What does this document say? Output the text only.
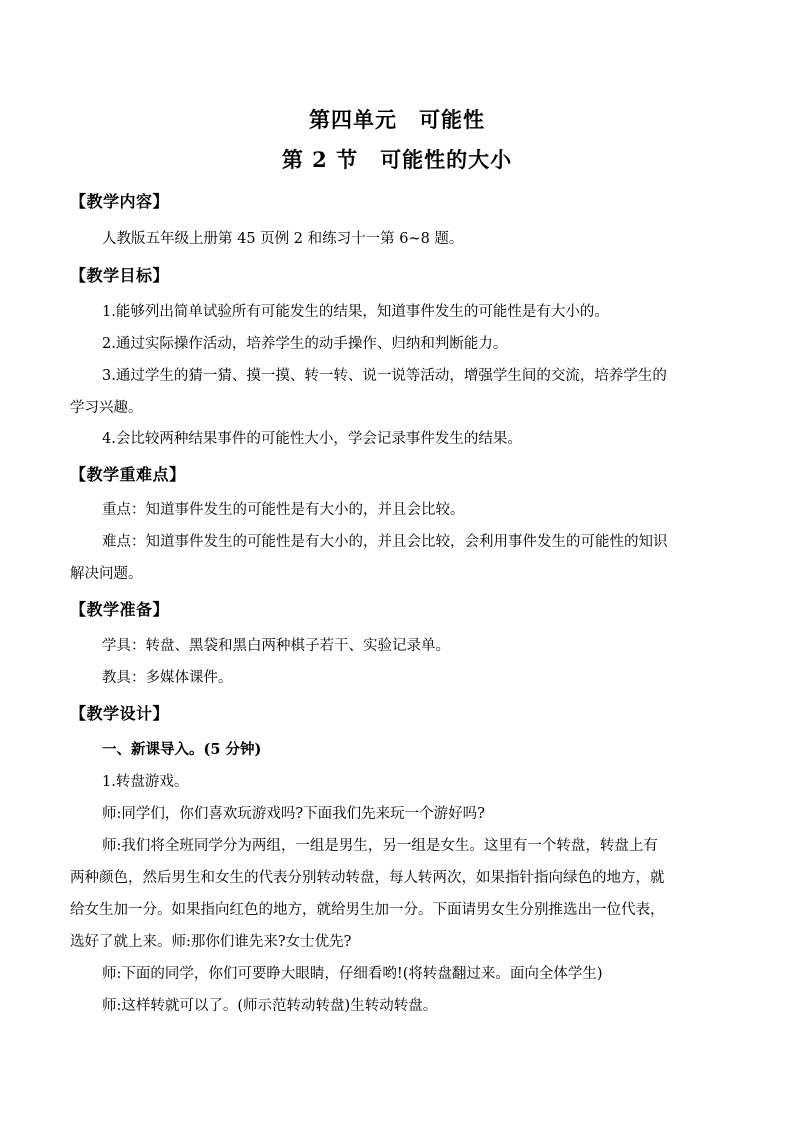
第四单元　可能性
第 2 节　可能性的大小
【教学内容】
人教版五年级上册第 45 页例 2 和练习十一第 6~8 题。
【教学目标】
1.能够列出简单试验所有可能发生的结果，知道事件发生的可能性是有大小的。
2.通过实际操作活动，培养学生的动手操作、归纳和判断能力。
3.通过学生的猜一猜、摸一摸、转一转、说一说等活动，增强学生间的交流，培养学生的
学习兴趣。
4.会比较两种结果事件的可能性大小，学会记录事件发生的结果。
【教学重难点】
重点：知道事件发生的可能性是有大小的，并且会比较。
难点：知道事件发生的可能性是有大小的，并且会比较，会利用事件发生的可能性的知识
解决问题。
【教学准备】
学具：转盘、黑袋和黑白两种棋子若干、实验记录单。
教具：多媒体课件。
【教学设计】
一、新课导入。(5 分钟)
1.转盘游戏。
师:同学们，你们喜欢玩游戏吗?下面我们先来玩一个游好吗?
师:我们将全班同学分为两组，一组是男生，另一组是女生。这里有一个转盘，转盘上有
两种颜色，然后男生和女生的代表分别转动转盘，每人转两次，如果指针指向绿色的地方，就
给女生加一分。如果指向红色的地方，就给男生加一分。下面请男女生分别推选出一位代表，
选好了就上来。师:那你们谁先来?女士优先?
师:下面的同学，你们可要睁大眼睛，仔细看哟!(将转盘翻过来。面向全体学生)
师:这样转就可以了。(师示范转动转盘)生转动转盘。
